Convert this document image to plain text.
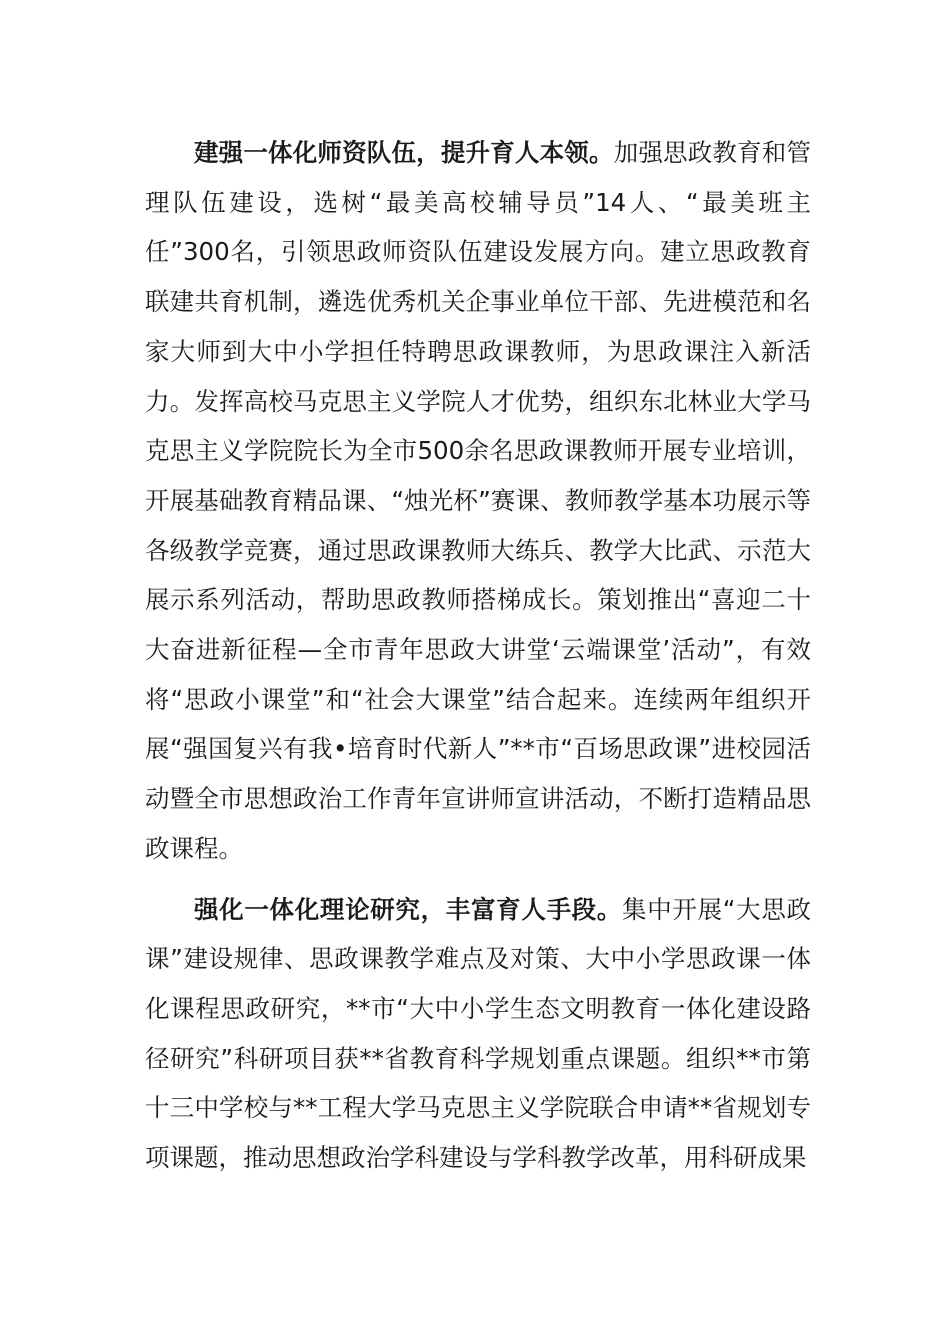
建强一体化师资队伍，提升育人本领。加强思政教育和管理队伍建设，选树“最美高校辅导员”14人、“最美班主任”300名，引领思政师资队伍建设发展方向。建立思政教育联建共育机制，遴选优秀机关企事业单位干部、先进模范和名家大师到大中小学担任特聘思政课教师，为思政课注入新活力。发挥高校马克思主义学院人才优势，组织东北林业大学马克思主义学院院长为全市500余名思政课教师开展专业培训，开展基础教育精品课、“烛光杯”赛课、教师教学基本功展示等各级教学竞赛，通过思政课教师大练兵、教学大比武、示范大展示系列活动，帮助思政教师搭梯成长。策划推出“喜迎二十大奋进新征程—全市青年思政大讲堂‘云端课堂’活动”，有效将“思政小课堂”和“社会大课堂”结合起来。连续两年组织开展“强国复兴有我•培育时代新人”**市“百场思政课”进校园活动暨全市思想政治工作青年宣讲师宣讲活动，不断打造精品思政课程。

强化一体化理论研究，丰富育人手段。集中开展“大思政课”建设规律、思政课教学难点及对策、大中小学思政课一体化课程思政研究，**市“大中小学生态文明教育一体化建设路径研究”科研项目获**省教育科学规划重点课题。组织**市第十三中学校与**工程大学马克思主义学院联合申请**省规划专项课题，推动思想政治学科建设与学科教学改革，用科研成果
